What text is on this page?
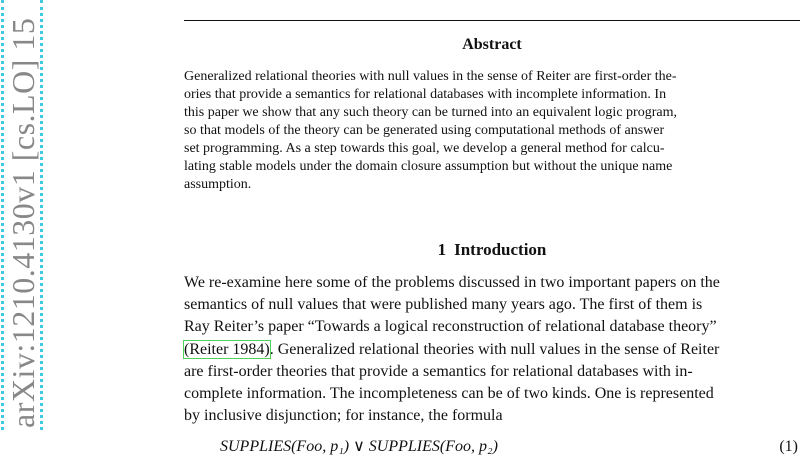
arXiv:1210.4130v1 [cs.LO] 15	Abstract
Generalized relational theories with null values in the sense of Reiter are first-order the-
ories that provide a semantics for relational databases with incomplete information. In
this paper we show that any such theory can be turned into an equivalent logic program,
so that models of the theory can be generated using computational methods of answer
set programming. As a step towards this goal, we develop a general method for calcu-
lating stable models under the domain closure assumption but without the unique name
assumption.
1 Introduction
We re-examine here some of the problems discussed in two important papers on the
semantics of null values that were published many years ago. The first of them is
Ray Reiter’s paper “Towards a logical reconstruction of relational database theory”
(Reiter 1984). Generalized relational theories with null values in the sense of Reiter
are first-order theories that provide a semantics for relational databases with in-
complete information. The incompleteness can be of two kinds. One is represented
by inclusive disjunction; for instance, the formula
SUPPLIES(Foo, p₁) ∨ SUPPLIES(Foo, p₂)	(1)
